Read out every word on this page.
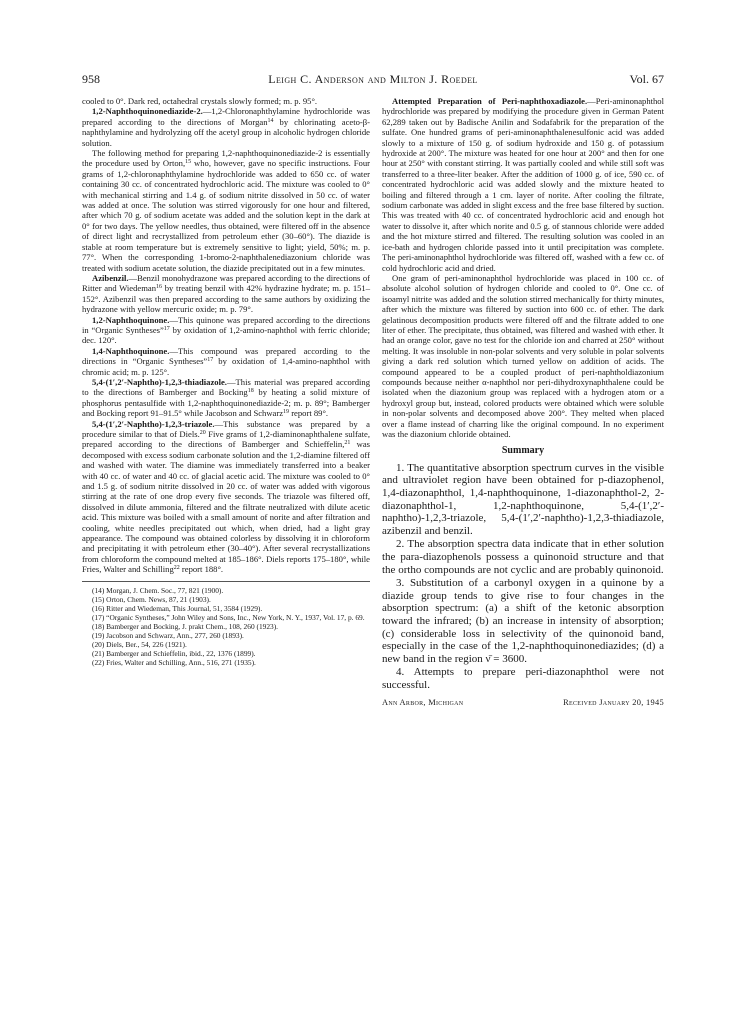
958	Leigh C. Anderson and Milton J. Roedel	Vol. 67

cooled to 0°. Dark red, octahedral crystals slowly formed; m. p. 95°.

1,2-Naphthoquinonediazide-2.—1,2-Chloronaphthylamine hydrochloride was prepared according to the directions of Morgan$^{14}$ by chlorinating aceto-β-naphthylamine and hydrolyzing off the acetyl group in alcoholic hydrogen chloride solution.

The following method for preparing 1,2-naphthoquinonediazide-2 is essentially the procedure used by Orton,$^{15}$ who, however, gave no specific instructions. Four grams of 1,2-chloronaphthylamine hydrochloride was added to 650 cc. of water containing 30 cc. of concentrated hydrochloric acid. The mixture was cooled to 0° with mechanical stirring and 1.4 g. of sodium nitrite dissolved in 50 cc. of water was added at once. The solution was stirred vigorously for one hour and filtered, after which 70 g. of sodium acetate was added and the solution kept in the dark at 0° for two days. The yellow needles, thus obtained, were filtered off in the absence of direct light and recrystallized from petroleum ether (30–60°). The diazide is stable at room temperature but is extremely sensitive to light; yield, 50%; m. p. 77°. When the corresponding 1-bromo-2-naphthalenediazonium chloride was treated with sodium acetate solution, the diazide precipitated out in a few minutes.

Azibenzil.—Benzil monohydrazone was prepared according to the directions of Ritter and Wiedeman$^{16}$ by treating benzil with 42% hydrazine hydrate; m. p. 151–152°. Azibenzil was then prepared according to the same authors by oxidizing the hydrazone with yellow mercuric oxide; m. p. 79°.

1,2-Naphthoquinone.—This quinone was prepared according to the directions in “Organic Syntheses”$^{17}$ by oxidation of 1,2-amino-naphthol with ferric chloride; dec. 120°.

1,4-Naphthoquinone.—This compound was prepared according to the directions in “Organic Syntheses”$^{17}$ by oxidation of 1,4-amino-naphthol with chromic acid; m. p. 125°.

5,4-(1′,2′-Naphtho)-1,2,3-thiadiazole.—This material was prepared according to the directions of Bamberger and Bocking$^{18}$ by heating a solid mixture of phosphorus pentasulfide with 1,2-naphthoquinonediazide-2; m. p. 89°; Bamberger and Bocking report 91–91.5° while Jacobson and Schwarz$^{19}$ report 89°.

5,4-(1′,2′-Naphtho)-1,2,3-triazole.—This substance was prepared by a procedure similar to that of Diels.$^{20}$ Five grams of 1,2-diaminonaphthalene sulfate, prepared according to the directions of Bamberger and Schieffelin,$^{21}$ was decomposed with excess sodium carbonate solution and the 1,2-diamine filtered off and washed with water. The diamine was immediately transferred into a beaker with 40 cc. of water and 40 cc. of glacial acetic acid. The mixture was cooled to 0° and 1.5 g. of sodium nitrite dissolved in 20 cc. of water was added with vigorous stirring at the rate of one drop every five seconds. The triazole was filtered off, dissolved in dilute ammonia, filtered and the filtrate neutralized with dilute acetic acid. This mixture was boiled with a small amount of norite and after filtration and cooling, white needles precipitated out which, when dried, had a light gray appearance. The compound was obtained colorless by dissolving it in chloroform and precipitating it with petroleum ether (30–40°). After several recrystallizations from chloroform the compound melted at 185–186°. Diels reports 175–180°, while Fries, Walter and Schilling$^{22}$ report 188°.

(14) Morgan, J. Chem. Soc., 77, 821 (1900).
(15) Orton, Chem. News, 87, 21 (1903).
(16) Ritter and Wiedeman, This Journal, 51, 3584 (1929).
(17) “Organic Syntheses,” John Wiley and Sons, Inc., New York, N. Y., 1937, Vol. 17, p. 69.
(18) Bamberger and Bocking, J. prakt Chem., 108, 260 (1923).
(19) Jacobson and Schwarz, Ann., 277, 260 (1893).
(20) Diels, Ber., 54, 226 (1921).
(21) Bamberger and Schieffelin, ibid., 22, 1376 (1899).
(22) Fries, Walter and Schilling, Ann., 516, 271 (1935).

Attempted Preparation of Peri-naphthoxadiazole.—Peri-aminonaphthol hydrochloride was prepared by modifying the procedure given in German Patent 62,289 taken out by Badische Anilin and Sodafabrik for the preparation of the sulfate. One hundred grams of peri-aminonaphthalenesulfonic acid was added slowly to a mixture of 150 g. of sodium hydroxide and 150 g. of potassium hydroxide at 200°. The mixture was heated for one hour at 200° and then for one hour at 250° with constant stirring. It was partially cooled and while still soft was transferred to a three-liter beaker. After the addition of 1000 g. of ice, 590 cc. of concentrated hydrochloric acid was added slowly and the mixture heated to boiling and filtered through a 1 cm. layer of norite. After cooling the filtrate, sodium carbonate was added in slight excess and the free base filtered by suction. This was treated with 40 cc. of concentrated hydrochloric acid and enough hot water to dissolve it, after which norite and 0.5 g. of stannous chloride were added and the hot mixture stirred and filtered. The resulting solution was cooled in an ice-bath and hydrogen chloride passed into it until precipitation was complete. The peri-aminonaphthol hydrochloride was filtered off, washed with a few cc. of cold hydrochloric acid and dried.

One gram of peri-aminonaphthol hydrochloride was placed in 100 cc. of absolute alcohol solution of hydrogen chloride and cooled to 0°. One cc. of isoamyl nitrite was added and the solution stirred mechanically for thirty minutes, after which the mixture was filtered by suction into 600 cc. of ether. The dark gelatinous decomposition products were filtered off and the filtrate added to one liter of ether. The precipitate, thus obtained, was filtered and washed with ether. It had an orange color, gave no test for the chloride ion and charred at 250° without melting. It was insoluble in non-polar solvents and very soluble in polar solvents giving a dark red solution which turned yellow on addition of acids. The compound appeared to be a coupled product of peri-naphtholdiazonium compounds because neither α-naphthol nor peri-dihydroxynaphthalene could be isolated when the diazonium group was replaced with a hydrogen atom or a hydroxyl group but, instead, colored products were obtained which were soluble in non-polar solvents and decomposed above 200°. They melted when placed over a flame instead of charring like the original compound. In no experiment was the diazonium chloride obtained.

Summary

1. The quantitative absorption spectrum curves in the visible and ultraviolet region have been obtained for p-diazophenol, 1,4-diazonaphthol, 1,4-naphthoquinone, 1-diazonaphthol-2, 2-diazonaphthol-1, 1,2-naphthoquinone, 5,4-(1′,2′-naphtho)-1,2,3-triazole, 5,4-(1′,2′-naphtho)-1,2,3-thiadiazole, azibenzil and benzil.

2. The absorption spectra data indicate that in ether solution the para-diazophenols possess a quinonoid structure and that the ortho compounds are not cyclic and are probably quinonoid.

3. Substitution of a carbonyl oxygen in a quinone by a diazide group tends to give rise to four changes in the absorption spectrum: (a) a shift of the ketonic absorption toward the infrared; (b) an increase in intensity of absorption; (c) considerable loss in selectivity of the quinonoid band, especially in the case of the 1,2-naphthoquinonediazides; (d) a new band in the region ν̄ = 3600.

4. Attempts to prepare peri-diazonaphthol were not successful.

Ann Arbor, Michigan	Received January 20, 1945
